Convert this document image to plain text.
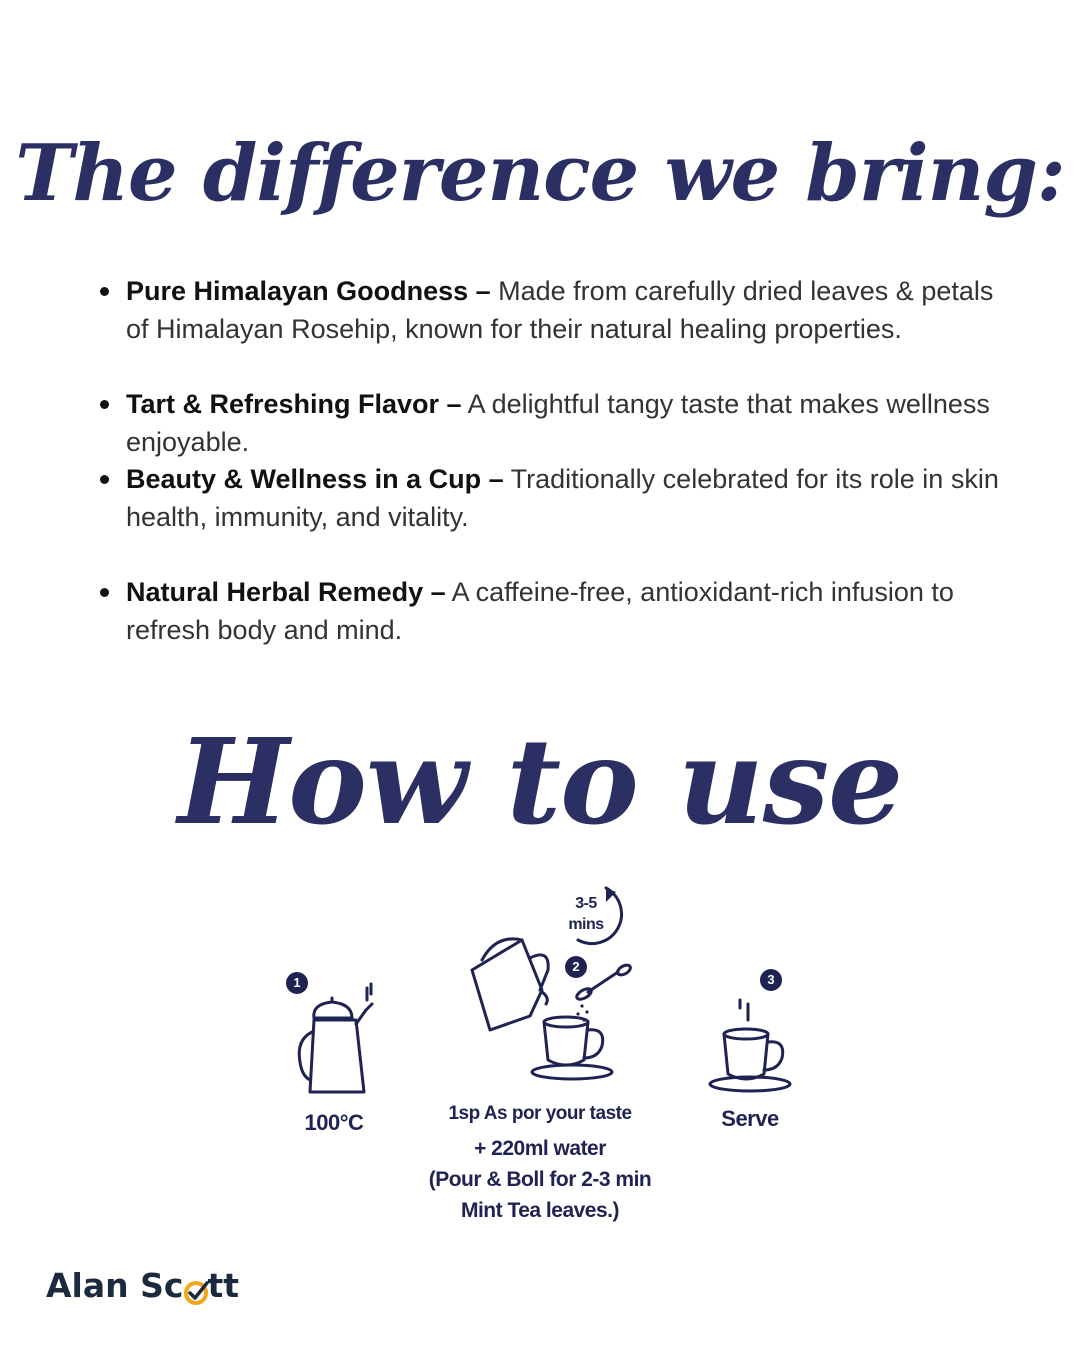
The difference we bring:
Pure Himalayan Goodness – Made from carefully dried leaves & petals of Himalayan Rosehip, known for their natural healing properties.
Tart & Refreshing Flavor – A delightful tangy taste that makes wellness enjoyable.
Beauty & Wellness in a Cup – Traditionally celebrated for its role in skin health, immunity, and vitality.
Natural Herbal Remedy – A caffeine-free, antioxidant-rich infusion to refresh body and mind.
How to use
1
100°C
3-5
mins
2
1sp As por your taste
+ 220ml water
(Pour & Boll for 2-3 min
Mint Tea leaves.)
3
Serve
Alan Sc tt
